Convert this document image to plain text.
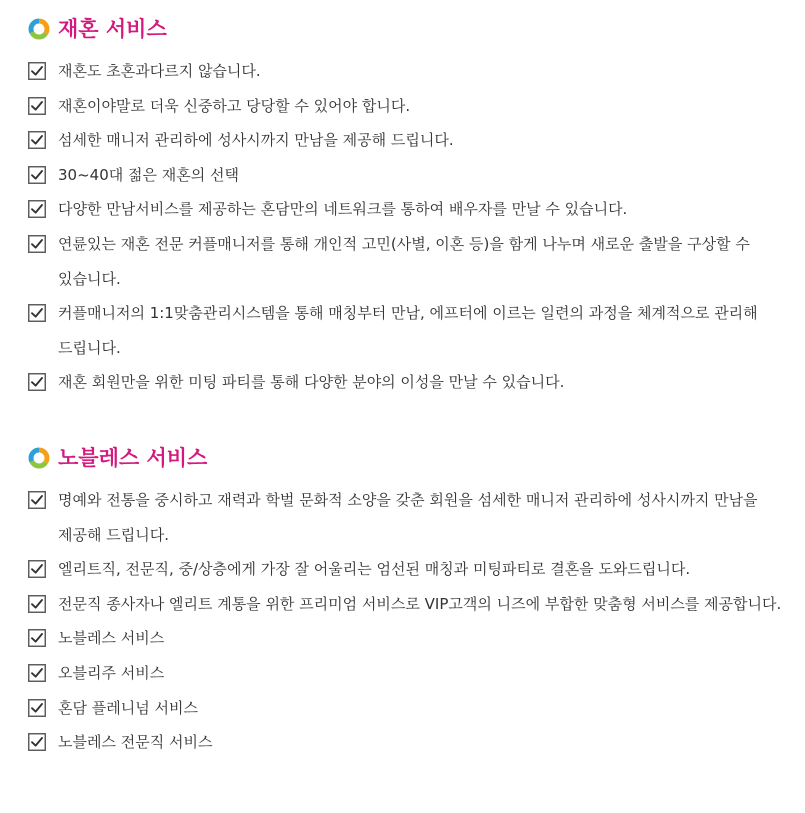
재혼 서비스
재혼도 초혼과다르지 않습니다.
재혼이야말로 더욱 신중하고 당당할 수 있어야 합니다.
섬세한 매니저 관리하에 성사시까지 만남을 제공해 드립니다.
30~40대 젊은 재혼의 선택
다양한 만남서비스를 제공하는 혼담만의 네트워크를 통하여 배우자를 만날 수 있습니다.
연륜있는 재혼 전문 커플매니저를 통해 개인적 고민(사별, 이혼 등)을 함게 나누며 새로운 출발을 구상할 수 있습니다.
커플매니저의 1:1맞춤관리시스템을 통해 매칭부터 만남, 에프터에 이르는 일련의 과정을 체계적으로 관리해 드립니다.
재혼 회원만을 위한 미팅 파티를 통해 다양한 분야의 이성을 만날 수 있습니다.
노블레스 서비스
명예와 전통을 중시하고 재력과 학벌 문화적 소양을 갖춘 회원을 섬세한 매니저 관리하에 성사시까지 만남을 제공해 드립니다.
엘리트직, 전문직, 중/상층에게 가장 잘 어울리는 엄선된 매칭과 미팅파티로 결혼을 도와드립니다.
전문직 종사자나 엘리트 계통을 위한 프리미엄 서비스로 VIP고객의 니즈에 부합한 맞춤형 서비스를 제공합니다.
노블레스 서비스
오블리주 서비스
혼담 플레니넘 서비스
노블레스 전문직 서비스
